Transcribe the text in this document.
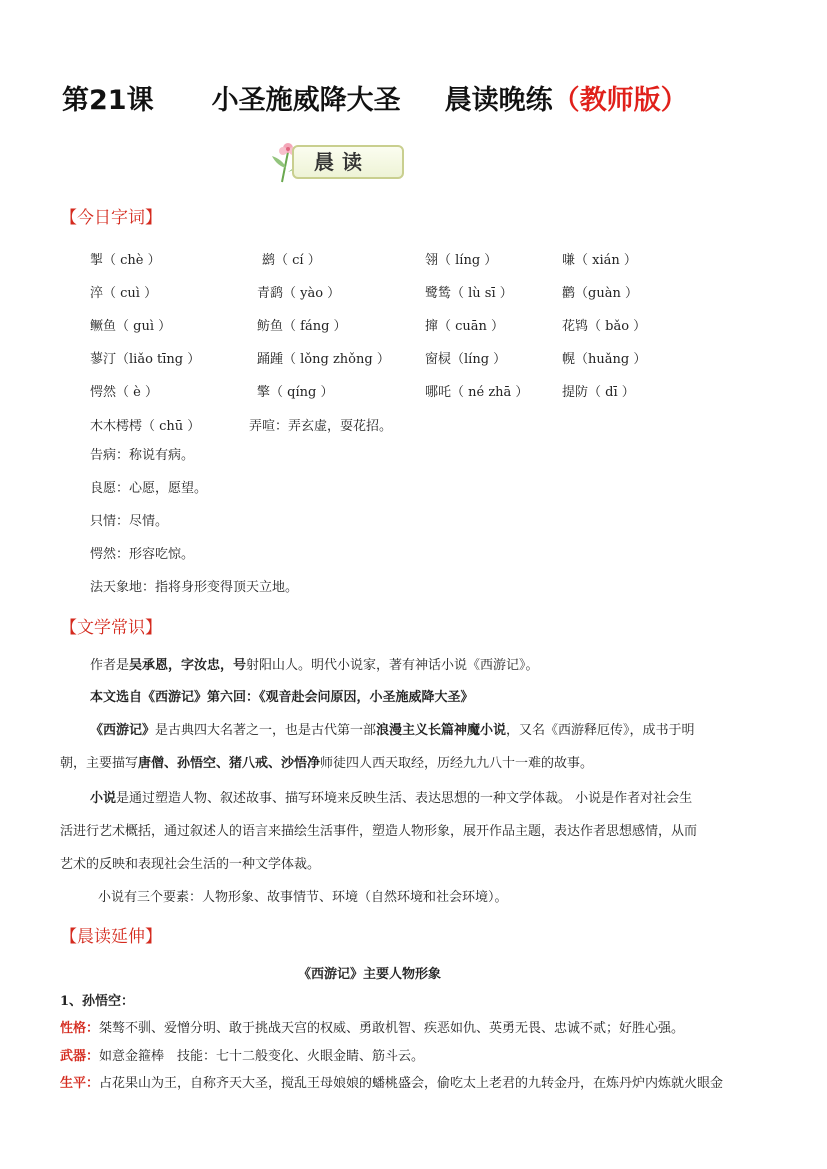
第21课 小圣施威降大圣 晨读晚练（教师版）
晨读
【今日字词】
掣（ chè ）	鹚（ cí ）	翎（ líng ）	嗛（ xián ）
淬（ cuì ）	青鹞（ yào ）	鹭鸶（ lù sī ）	鹳（guàn ）
鳜鱼（ guì ）	鲂鱼（ fáng ）	撺（ cuān ）	花鸨（ bǎo ）
蓼汀（liǎo tīng ）	踊踵（ lǒng zhǒng ）	窗棂（líng ）	幌（huǎng ）
愕然（ è ）	擎（ qíng ）	哪吒（ né zhā ）	提防（ dī ）
木木樗樗（ chū ）	弄喧：弄玄虚，耍花招。
告病：称说有病。
良愿：心愿，愿望。
只情：尽情。
愕然：形容吃惊。
法天象地：指将身形变得顶天立地。
【文学常识】
作者是吴承恩，字汝忠，号射阳山人。明代小说家，著有神话小说《西游记》。
本文选自《西游记》第六回：《观音赴会问原因，小圣施威降大圣》
《西游记》是古典四大名著之一，也是古代第一部浪漫主义长篇神魔小说，又名《西游释厄传》，成书于明
朝，主要描写唐僧、孙悟空、猪八戒、沙悟净师徒四人西天取经，历经九九八十一难的故事。
小说是通过塑造人物、叙述故事、描写环境来反映生活、表达思想的一种文学体裁。 小说是作者对社会生
活进行艺术概括，通过叙述人的语言来描绘生活事件，塑造人物形象，展开作品主题，表达作者思想感情，从而
艺术的反映和表现社会生活的一种文学体裁。
小说有三个要素：人物形象、故事情节、环境（自然环境和社会环境）。
【晨读延伸】
《西游记》主要人物形象
1、孙悟空：
性格：桀骜不驯、爱憎分明、敢于挑战天宫的权威、勇敢机智、疾恶如仇、英勇无畏、忠诚不贰；好胜心强。
武器：如意金箍棒　技能：七十二般变化、火眼金睛、筋斗云。
生平：占花果山为王，自称齐天大圣，搅乱王母娘娘的蟠桃盛会，偷吃太上老君的九转金丹，在炼丹炉内炼就火眼金
